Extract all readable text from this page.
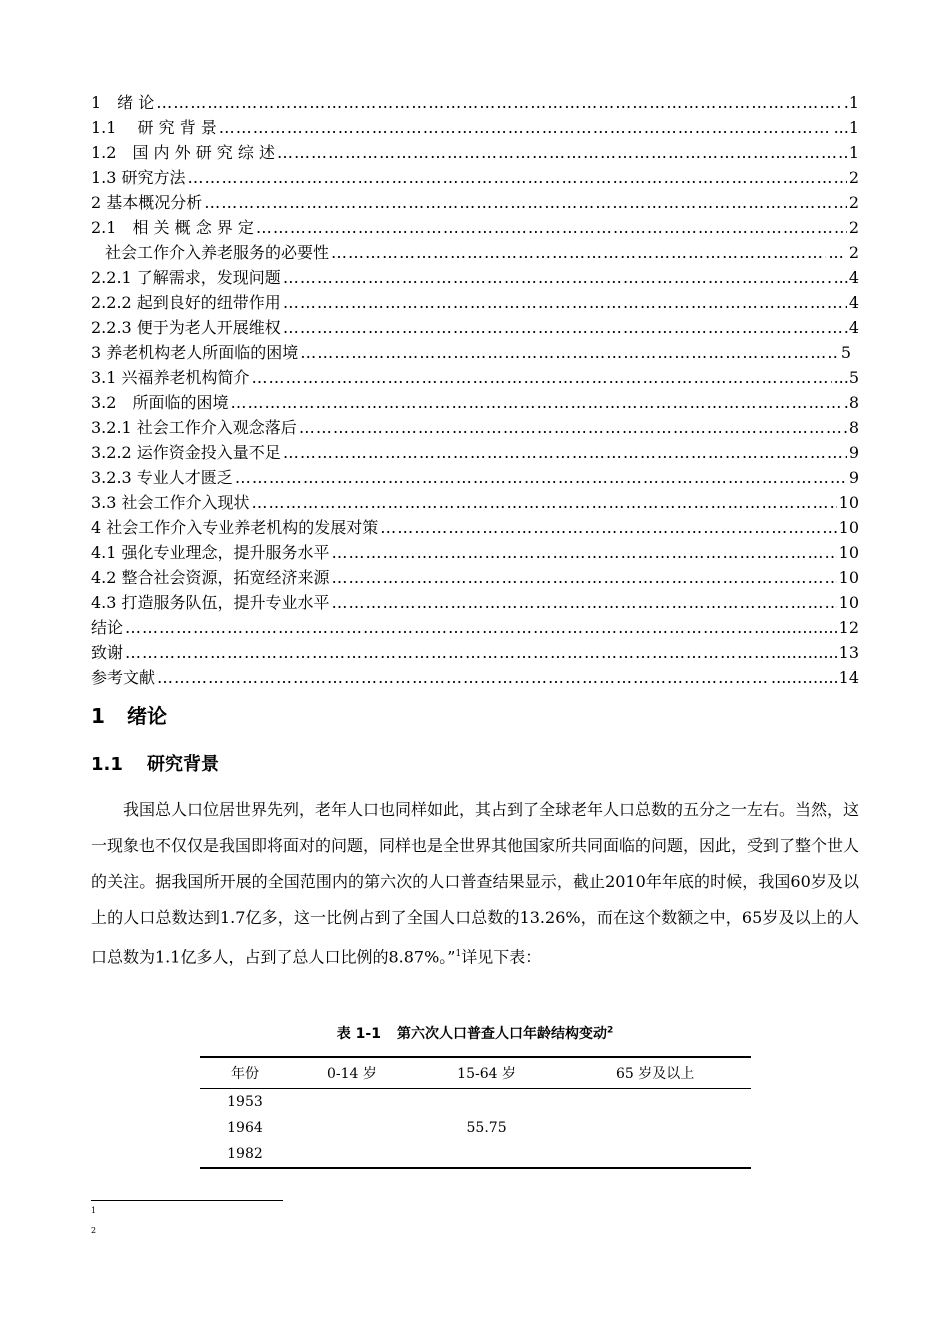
1　绪 论 …………………………………………………………………………………………………………………………………………………………	.1
1.1　 研 究 背 景 …………………………………………………………………………………………………………………………………………………………	...1
1.2　国 内 外 研 究 综 述 …………………………………………………………………………………………………………………………………………………………	1
1.3 研究方法 …………………………………………………………………………………………………………………………………………………………	2
2 基本概况分析 …………………………………………………………………………………………………………………………………………………………	2
2.1　相 关 概 念 界 定 …………………………………………………………………………………………………………………………………………………………	2
社会工作介入养老服务的必要性 …………………………………………………………………………………………………………………………………………………………	... 2
2.2.1 了解需求，发现问题 …………………………………………………………………………………………………………………………………………………………	...4
2.2.2 起到良好的纽带作用 …………………………………………………………………………………………………………………………………………………………	4
2.2.3 便于为老人开展维权 …………………………………………………………………………………………………………………………………………………………	.4
3 养老机构老人所面临的困境 …………………………………………………………………………………………………………………………………………………………	5
3.1 兴福养老机构简介 …………………………………………………………………………………………………………………………………………………………	...5
3.2　所面临的困境 …………………………………………………………………………………………………………………………………………………………	.8
3.2.1 社会工作介入观念落后 …………………………………………………………………………………………………………………………………………………………	8
3.2.2 运作资金投入量不足 …………………………………………………………………………………………………………………………………………………………	9
3.2.3 专业人才匮乏 …………………………………………………………………………………………………………………………………………………………	9
3.3 社会工作介入现状 …………………………………………………………………………………………………………………………………………………………	10
4 社会工作介入专业养老机构的发展对策 …………………………………………………………………………………………………………………………………………………………	10
4.1 强化专业理念，提升服务水平 …………………………………………………………………………………………………………………………………………………………	10
4.2 整合社会资源，拓宽经济来源 …………………………………………………………………………………………………………………………………………………………	10
4.3 打造服务队伍，提升专业水平 …………………………………………………………………………………………………………………………………………………………	10
结论 …………………………………………………………………………………………………………………………………………………………	...……....12
致谢 …………………………………………………………………………………………………………………………………………………………	...……....13
参考文献 …………………………………………………………………………………………………………………………………………………………	...……....14
1 绪论
1.1 研究背景
我国总人口位居世界先列，老年人口也同样如此，其占到了全球老年人口总数的五分之一左右。当然，这一现象也不仅仅是我国即将面对的问题，同样也是全世界其他国家所共同面临的问题，因此，受到了整个世人的关注。据我国所开展的全国范围内的第六次的人口普查结果显示，截止2010年年底的时候，我国60岁及以上的人口总数达到1.7亿多，这一比例占到了全国人口总数的13.26%，而在这个数额之中，65岁及以上的人口总数为1.1亿多人，占到了总人口比例的8.87%。”$^1$详见下表：
表 1-1 第六次人口普查人口年龄结构变动$^2$
年份	0-14 岁	15-64 岁	65 岁及以上
1953			
1964		55.75	
1982			
1
2
